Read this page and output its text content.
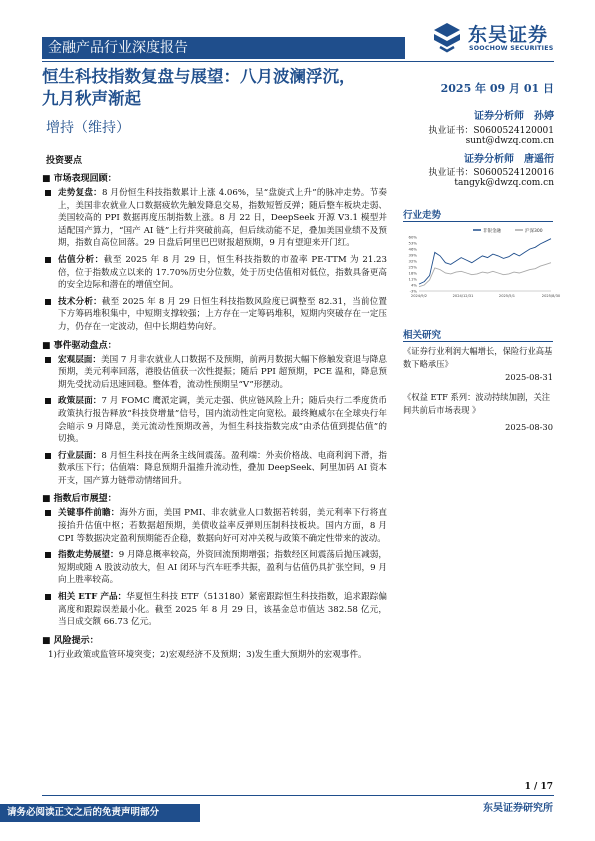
金融产品行业深度报告
东吴证券
SOOCHOW SECURITIES
恒生科技指数复盘与展望：八月波澜浮沉，
九月秋声渐起
增持（维持）
2025 年 09 月 01 日
证券分析师　孙婷
执业证书：S0600524120001
sunt@dwzq.com.cn
证券分析师　唐遥衎
执业证书：S0600524120016
tangyk@dwzq.com.cn
投资要点
■ 市场表现回顾：
走势复盘：8 月份恒生科技指数累计上涨 4.06%，呈“盘旋式上升”的脉冲走势。节奏上，美国非农就业人口数据疲软先触发降息交易，指数短暂反弹；随后整车板块走弱、美国较高的 PPI 数据再度压制指数上涨。8 月 22 日，DeepSeek 开源 V3.1 模型并适配国产算力，“国产 AI 链”上行并突破前高，但后续动能不足，叠加美国业绩不及预期，指数自高位回落。29 日盘后阿里巴巴财报超预期，9 月有望迎来开门红。
估值分析：截至 2025 年 8 月 29 日，恒生科技指数的市盈率 PE-TTM 为 21.23 倍，位于指数成立以来的 17.70%历史分位数，处于历史估值相对低位，指数具备更高的安全边际和潜在的增值空间。
技术分析：截至 2025 年 8 月 29 日恒生科技指数风险度已调整至 82.31，当前位置下方筹码堆积集中，中短期支撑较强；上方存在一定筹码堆积，短期内突破存在一定压力，仍存在一定波动，但中长期趋势向好。
■ 事件驱动盘点：
宏观层面：美国 7 月非农就业人口数据不及预期，前两月数据大幅下修触发衰退与降息预期，美元利率回落，港股估值获一次性提振；随后 PPI 超预期，PCE 温和，降息预期先受扰动后迅速回稳。整体看，流动性预期呈“V”形摆动。
政策层面：7 月 FOMC 鹰派定调，美元走强、供应链风险上升；随后央行二季度货币政策执行报告释放“科技贷增量”信号，国内流动性定向宽松。最终鲍威尔在全球央行年会暗示 9 月降息，美元流动性预期改善，为恒生科技指数完成“由杀估值到提估值”的切换。
行业层面：8 月恒生科技在两条主线间震荡。盈利端：外卖价格战、电商利润下滑，指数承压下行；估值端：降息预期升温推升流动性，叠加 DeepSeek、阿里加码 AI 资本开支，国产算力链带动情绪回升。
■ 指数后市展望：
关键事件前瞻：海外方面，美国 PMI、非农就业人口数据若转弱，美元利率下行将直接抬升估值中枢；若数据超预期，美债收益率反弹则压制科技板块。国内方面，8 月 CPI 等数据决定盈利预期能否企稳，数据向好可对冲关税与政策不确定性带来的波动。
指数走势展望：9 月降息概率较高，外资回流预期增强；指数经区间震荡后抛压减弱，短期或随 A 股波动放大，但 AI 闭环与汽车旺季共振，盈利与估值仍具扩张空间，9 月向上胜率较高。
相关 ETF 产品：华夏恒生科技 ETF（513180）紧密跟踪恒生科技指数，追求跟踪偏离度和跟踪误差最小化。截至 2025 年 8 月 29 日，该基金总市值达 382.58 亿元，当日成交额 66.73 亿元。
■ 风险提示：
1)行业政策或监管环境突变；2)宏观经济不及预期；3)发生重大预期外的宏观事件。
行业走势
非银金融	沪深300
60%
53%
46%
39%
32%
25%
18%
11%
4%
-3%
2024/9/2	2024/12/31	2025/5/1	2025/8/30
相关研究
《证券行业利润大幅增长，保险行业高基数下略承压》
2025-08-31
《权益 ETF 系列：波动持续加剧，关注间共前后市场表现 》
2025-08-30
1 / 17
东吴证券研究所
请务必阅读正文之后的免责声明部分
